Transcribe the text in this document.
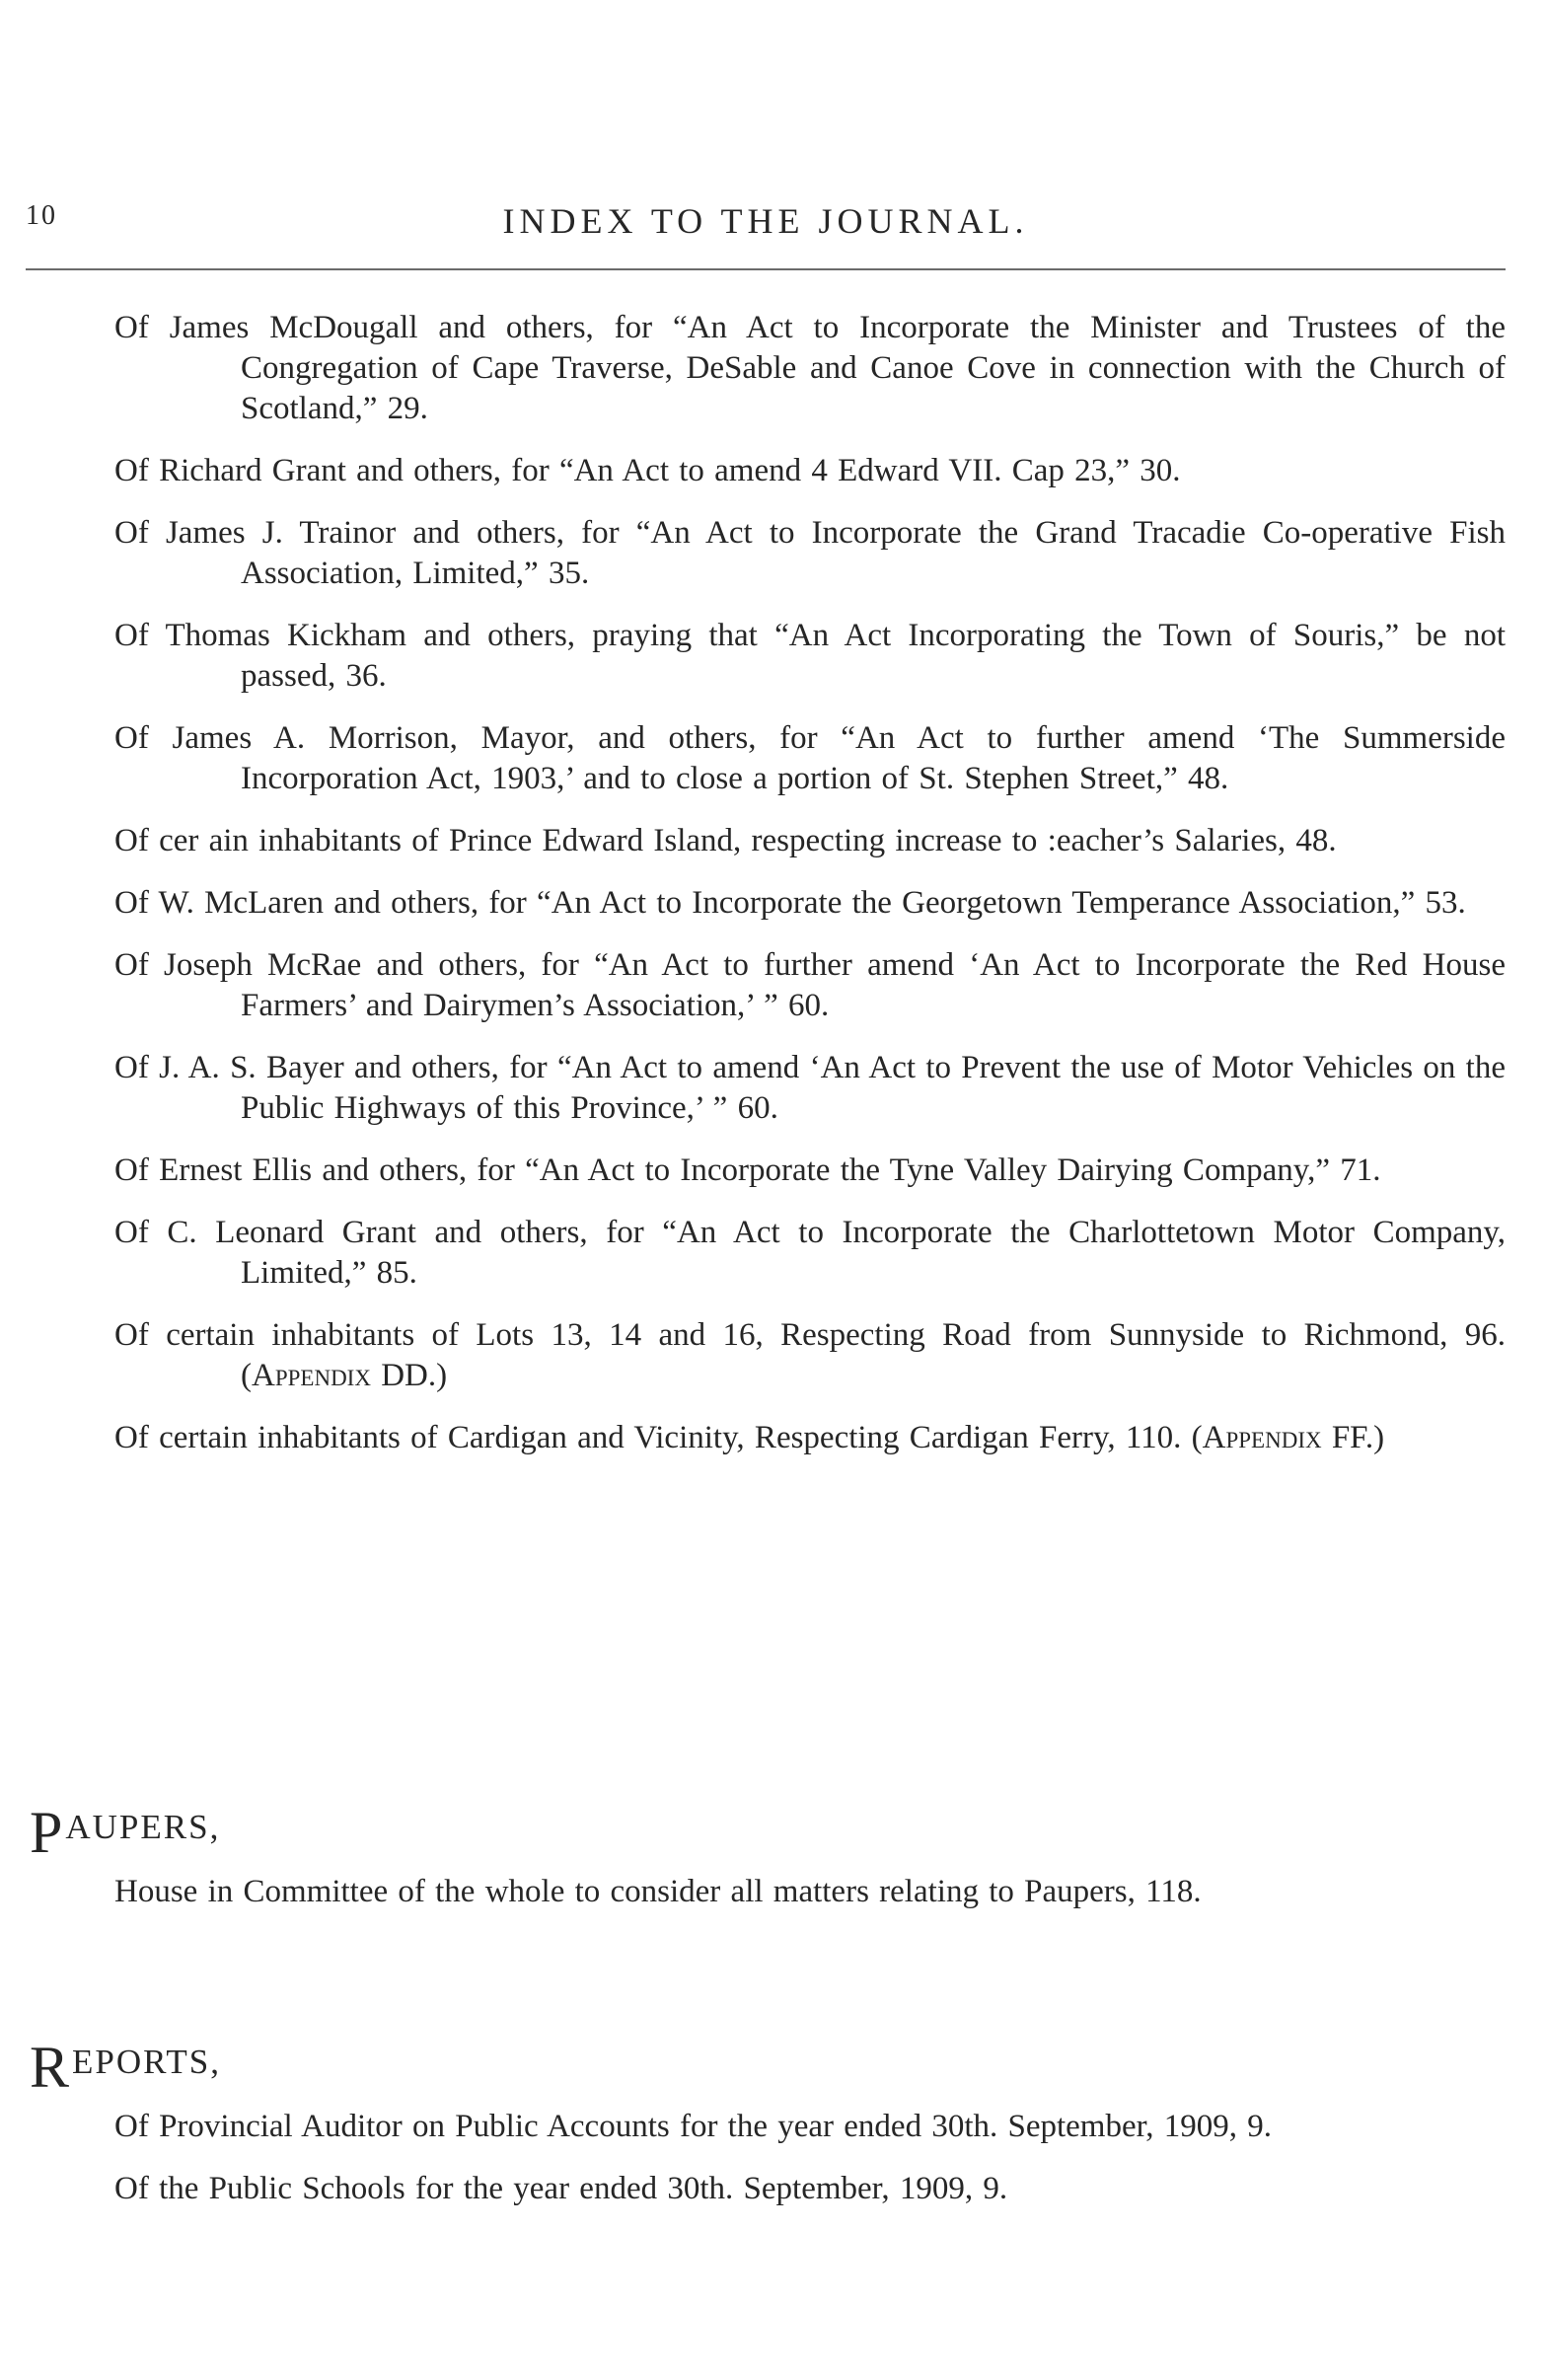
10	INDEX TO THE JOURNAL.

Of James McDougall and others, for “An Act to Incorporate the Minister and Trustees of the Congregation of Cape Traverse, DeSable and Canoe Cove in connection with the Church of Scotland,” 29.

Of Richard Grant and others, for “An Act to amend 4 Edward VII. Cap 23,” 30.

Of James J. Trainor and others, for “An Act to Incorporate the Grand Tracadie Co-operative Fish Association, Limited,” 35.

Of Thomas Kickham and others, praying that “An Act Incorporating the Town of Souris,” be not passed, 36.

Of James A. Morrison, Mayor, and others, for “An Act to further amend ‘The Summerside Incorporation Act, 1903,’ and to close a portion of St. Stephen Street,” 48.

Of cer ain inhabitants of Prince Edward Island, respecting increase to :eacher’s Salaries, 48.

Of W. McLaren and others, for “An Act to Incorporate the Georgetown Temperance Association,” 53.

Of Joseph McRae and others, for “An Act to further amend ‘An Act to Incorporate the Red House Farmers’ and Dairymen’s Association,’ ” 60.

Of J. A. S. Bayer and others, for “An Act to amend ‘An Act to Prevent the use of Motor Vehicles on the Public Highways of this Province,’ ” 60.

Of Ernest Ellis and others, for “An Act to Incorporate the Tyne Valley Dairying Company,” 71.

Of C. Leonard Grant and others, for “An Act to Incorporate the Charlottetown Motor Company, Limited,” 85.

Of certain inhabitants of Lots 13, 14 and 16, Respecting Road from Sunnyside to Richmond, 96. (Appendix DD.)

Of certain inhabitants of Cardigan and Vicinity, Respecting Cardigan Ferry, 110. (Appendix FF.)

PAUPERS,

House in Committee of the whole to consider all matters relating to Paupers, 118.

REPORTS,

Of Provincial Auditor on Public Accounts for the year ended 30th. September, 1909, 9.

Of the Public Schools for the year ended 30th. September, 1909, 9.
